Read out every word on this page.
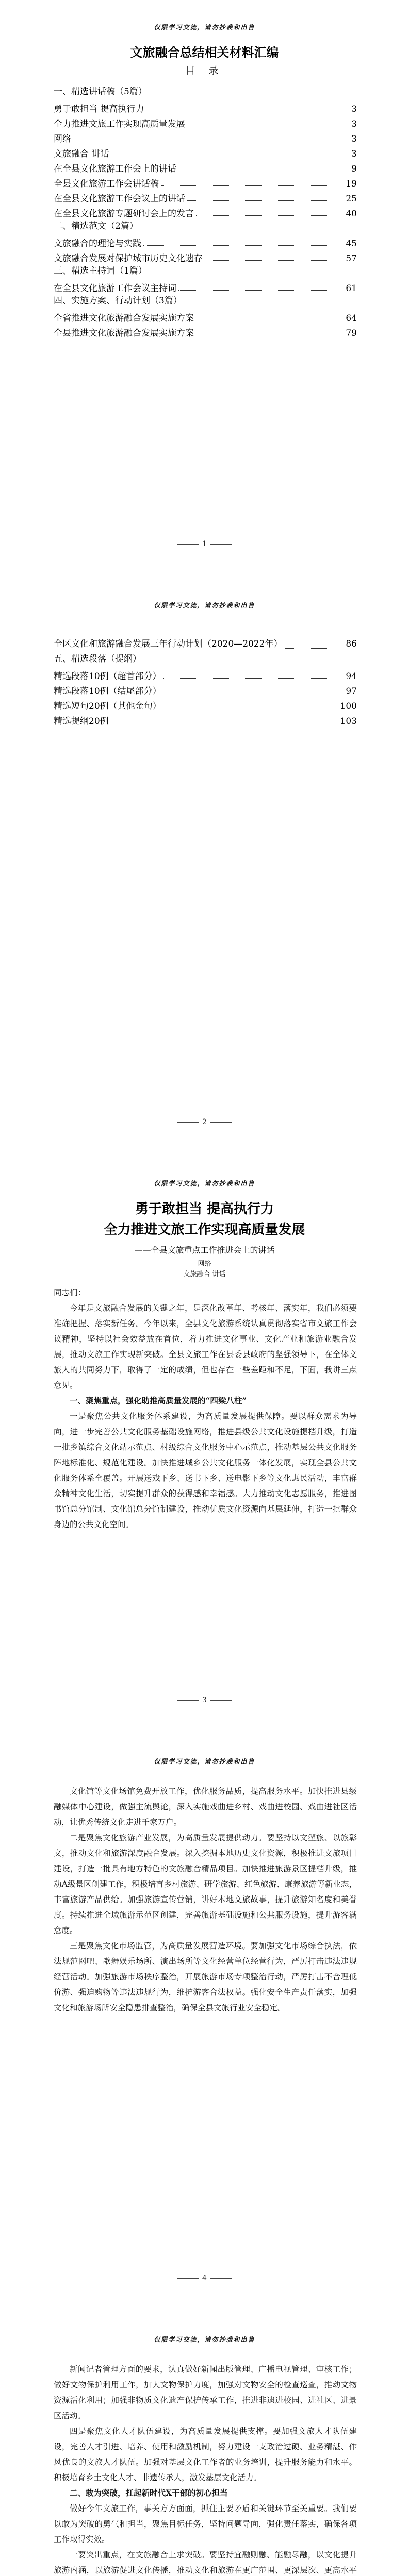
仅限学习交流，请勿抄袭和出售
文旅融合总结相关材料汇编
目 录
一、精选讲话稿（5篇）
勇于敢担当 提高执行力	3
全力推进文旅工作实现高质量发展	3
网络	3
文旅融合 讲话	3
在全县文化旅游工作会上的讲话	9
全县文化旅游工作会讲话稿	19
在全县文化旅游工作会议上的讲话	25
在全县文化旅游专题研讨会上的发言	40
二、精选范文（2篇）
文旅融合的理论与实践	45
文旅融合发展对保护城市历史文化遗存	57
三、精选主持词（1篇）
在全县文化旅游工作会议主持词	61
四、实施方案、行动计划（3篇）
全省推进文化旅游融合发展实施方案	64
全县推进文化旅游融合发展实施方案	79
1
仅限学习交流，请勿抄袭和出售
全区文化和旅游融合发展三年行动计划（2020—2022年）	86
五、精选段落（提纲）
精选段落10例（超首部分）	94
精选段落10例（结尾部分）	97
精选短句20例（其他金句）	100
精选提纲20例	103
2
仅限学习交流，请勿抄袭和出售
勇于敢担当 提高执行力
全力推进文旅工作实现高质量发展
——全县文旅重点工作推进会上的讲话
网络
文旅融合 讲话

同志们：

今年是文旅融合发展的关键之年，是深化改革年、考核年、落实年，我们必须要准确把握、落实新任务。今年以来，全县文化旅游系统认真贯彻落实省市文旅工作会议精神，坚持以社会效益放在首位，着力推进文化事业、文化产业和旅游业融合发展，推动文旅工作实现新突破。全县文旅工作在县委县政府的坚强领导下，在全体文旅人的共同努力下，取得了一定的成绩，但也存在一些差距和不足，下面，我讲三点意见。

一、聚焦重点，强化助推高质量发展的“四梁八柱”

一是聚焦公共文化服务体系建设，为高质量发展提供保障。要以群众需求为导向，进一步完善公共文化服务基础设施网络，推进县级公共文化设施提档升级，打造一批乡镇综合文化站示范点、村级综合文化服务中心示范点，推动基层公共文化服务阵地标准化、规范化建设。加快推进城乡公共文化服务一体化发展，实现全县公共文化服务体系全覆盖。开展送戏下乡、送书下乡、送电影下乡等文化惠民活动，丰富群众精神文化生活，切实提升群众的获得感和幸福感。大力推动文化志愿服务，推进图书馆总分馆制、文化馆总分馆制建设，推动优质文化资源向基层延伸，打造一批群众身边的公共文化空间。

3
仅限学习交流，请勿抄袭和出售

文化馆等文化场馆免费开放工作，优化服务品质，提高服务水平。加快推进县级融媒体中心建设，做强主流舆论，深入实施戏曲进乡村、戏曲进校园、戏曲进社区活动，让优秀传统文化走进千家万户。

二是聚焦文化旅游产业发展，为高质量发展提供动力。要坚持以文塑旅、以旅彰文，推动文化和旅游深度融合发展。深入挖掘本地历史文化资源，积极推进文旅项目建设，打造一批具有地方特色的文旅融合精品项目。加快推进旅游景区提档升级，推动A级景区创建工作，积极培育乡村旅游、研学旅游、红色旅游、康养旅游等新业态，丰富旅游产品供给。加强旅游宣传营销，讲好本地文旅故事，提升旅游知名度和美誉度。持续推进全域旅游示范区创建，完善旅游基础设施和公共服务设施，提升游客满意度。

三是聚焦文化市场监管，为高质量发展营造环境。要加强文化市场综合执法，依法规范网吧、歌舞娱乐场所、演出场所等文化经营单位经营行为，严厉打击违法违规经营活动。加强旅游市场秩序整治，开展旅游市场专项整治行动，严厉打击不合理低价游、强迫购物等违法违规行为，维护游客合法权益。强化安全生产责任落实，加强文化和旅游场所安全隐患排查整治，确保全县文旅行业安全稳定。

4
仅限学习交流，请勿抄袭和出售

新闻记者管理方面的要求，认真做好新闻出版管理、广播电视管理、审核工作；做好文物保护利用工作，加大文物保护力度，加强对文物安全的检查巡查，推动文物资源活化利用；加强非物质文化遗产保护传承工作，推进非遗进校园、进社区、进景区活动。

四是聚焦文化人才队伍建设，为高质量发展提供支撑。要加强文旅人才队伍建设，完善人才引进、培养、使用和激励机制，努力建设一支政治过硬、业务精湛、作风优良的文旅人才队伍。加强对基层文化工作者的业务培训，提升服务能力和水平。积极培育乡土文化人才、非遗传承人，激发基层文化活力。

二、敢为突破，扛起新时代X干部的初心担当

做好今年文旅工作，事关方方面面，抓住主要矛盾和关键环节至关重要。我们要以敢为突破的勇气和担当，聚焦目标任务，坚持问题导向，强化责任落实，确保各项工作取得实效。

一要突出重点，在文旅融合上求突破。要坚持宜融则融、能融尽融，以文化提升旅游内涵，以旅游促进文化传播，推动文化和旅游在更广范围、更深层次、更高水平
